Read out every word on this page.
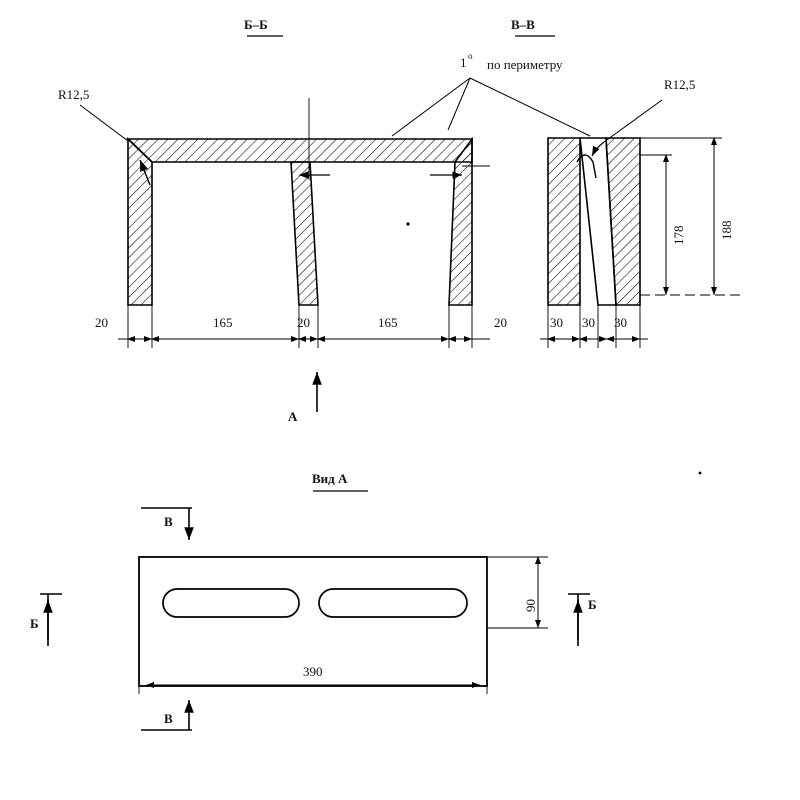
Б–Б	В–В
Вид А
1 o
по периметру
R12,5
R12,5
20	165	20	165	20	30 30 30
178	188
90
390
А
В
В
Б
Б
